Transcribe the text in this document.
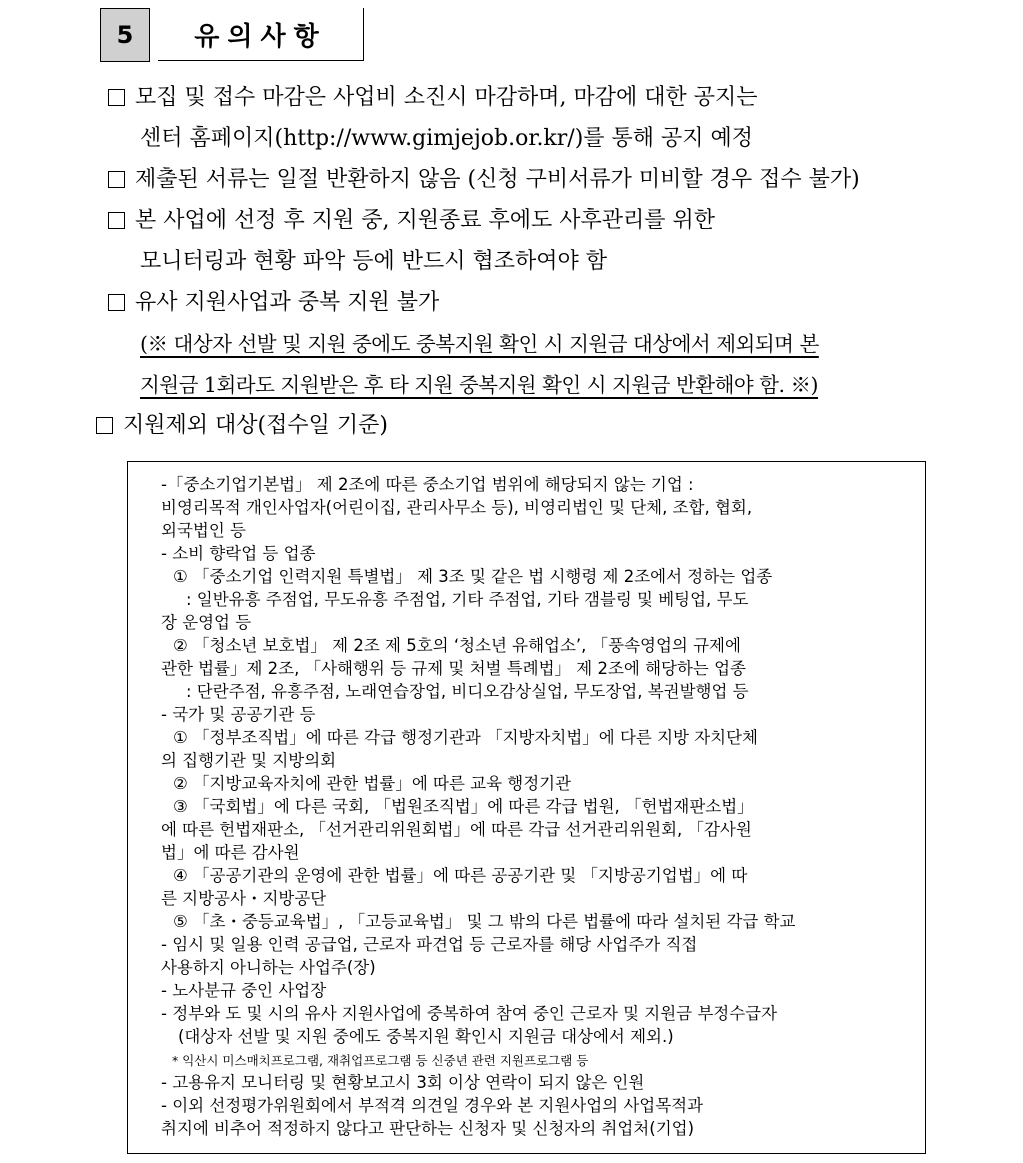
5	유의사항
모집 및 접수 마감은 사업비 소진시 마감하며, 마감에 대한 공지는
센터 홈페이지(http://www.gimjejob.or.kr/)를 통해 공지 예정
제출된 서류는 일절 반환하지 않음 (신청 구비서류가 미비할 경우 접수 불가)
본 사업에 선정 후 지원 중, 지원종료 후에도 사후관리를 위한
모니터링과 현황 파악 등에 반드시 협조하여야 함
유사 지원사업과 중복 지원 불가
(※ 대상자 선발 및 지원 중에도 중복지원 확인 시 지원금 대상에서 제외되며 본
지원금 1회라도 지원받은 후 타 지원 중복지원 확인 시 지원금 반환해야 함. ※)
지원제외 대상(접수일 기준)
-「중소기업기본법」 제 2조에 따른 중소기업 범위에 해당되지 않는 기업 :
비영리목적 개인사업자(어린이집, 관리사무소 등), 비영리법인 및 단체, 조합, 협회,
외국법인 등
- 소비 향락업 등 업종
① 「중소기업 인력지원 특별법」 제 3조 및 같은 법 시행령 제 2조에서 정하는 업종
: 일반유흥 주점업, 무도유흥 주점업, 기타 주점업, 기타 갬블링 및 베팅업, 무도
장 운영업 등
② 「청소년 보호법」 제 2조 제 5호의 ‘청소년 유해업소’, 「풍속영업의 규제에
관한 법률」제 2조, 「사해행위 등 규제 및 처벌 특례법」 제 2조에 해당하는 업종
: 단란주점, 유흥주점, 노래연습장업, 비디오감상실업, 무도장업, 복권발행업 등
- 국가 및 공공기관 등
① 「정부조직법」에 따른 각급 행정기관과 「지방자치법」에 다른 지방 자치단체
의 집행기관 및 지방의회
② 「지방교육자치에 관한 법률」에 따른 교육 행정기관
③ 「국회법」에 다른 국회, 「법원조직법」에 따른 각급 법원, 「헌법재판소법」
에 따른 헌법재판소, 「선거관리위원회법」에 따른 각급 선거관리위원회, 「감사원
법」에 따른 감사원
④ 「공공기관의 운영에 관한 법률」에 따른 공공기관 및 「지방공기업법」에 따
른 지방공사・지방공단
⑤ 「초・중등교육법」, 「고등교육법」 및 그 밖의 다른 법률에 따라 설치된 각급 학교
- 임시 및 일용 인력 공급업, 근로자 파견업 등 근로자를 해당 사업주가 직접
사용하지 아니하는 사업주(장)
- 노사분규 중인 사업장
- 정부와 도 및 시의 유사 지원사업에 중복하여 참여 중인 근로자 및 지원금 부정수급자
(대상자 선발 및 지원 중에도 중복지원 확인시 지원금 대상에서 제외.)
* 익산시 미스매치프로그램, 재취업프로그램 등 신중년 관련 지원프로그램 등
- 고용유지 모니터링 및 현황보고시 3회 이상 연락이 되지 않은 인원
- 이외 선정평가위원회에서 부적격 의견일 경우와 본 지원사업의 사업목적과
취지에 비추어 적정하지 않다고 판단하는 신청자 및 신청자의 취업처(기업)
